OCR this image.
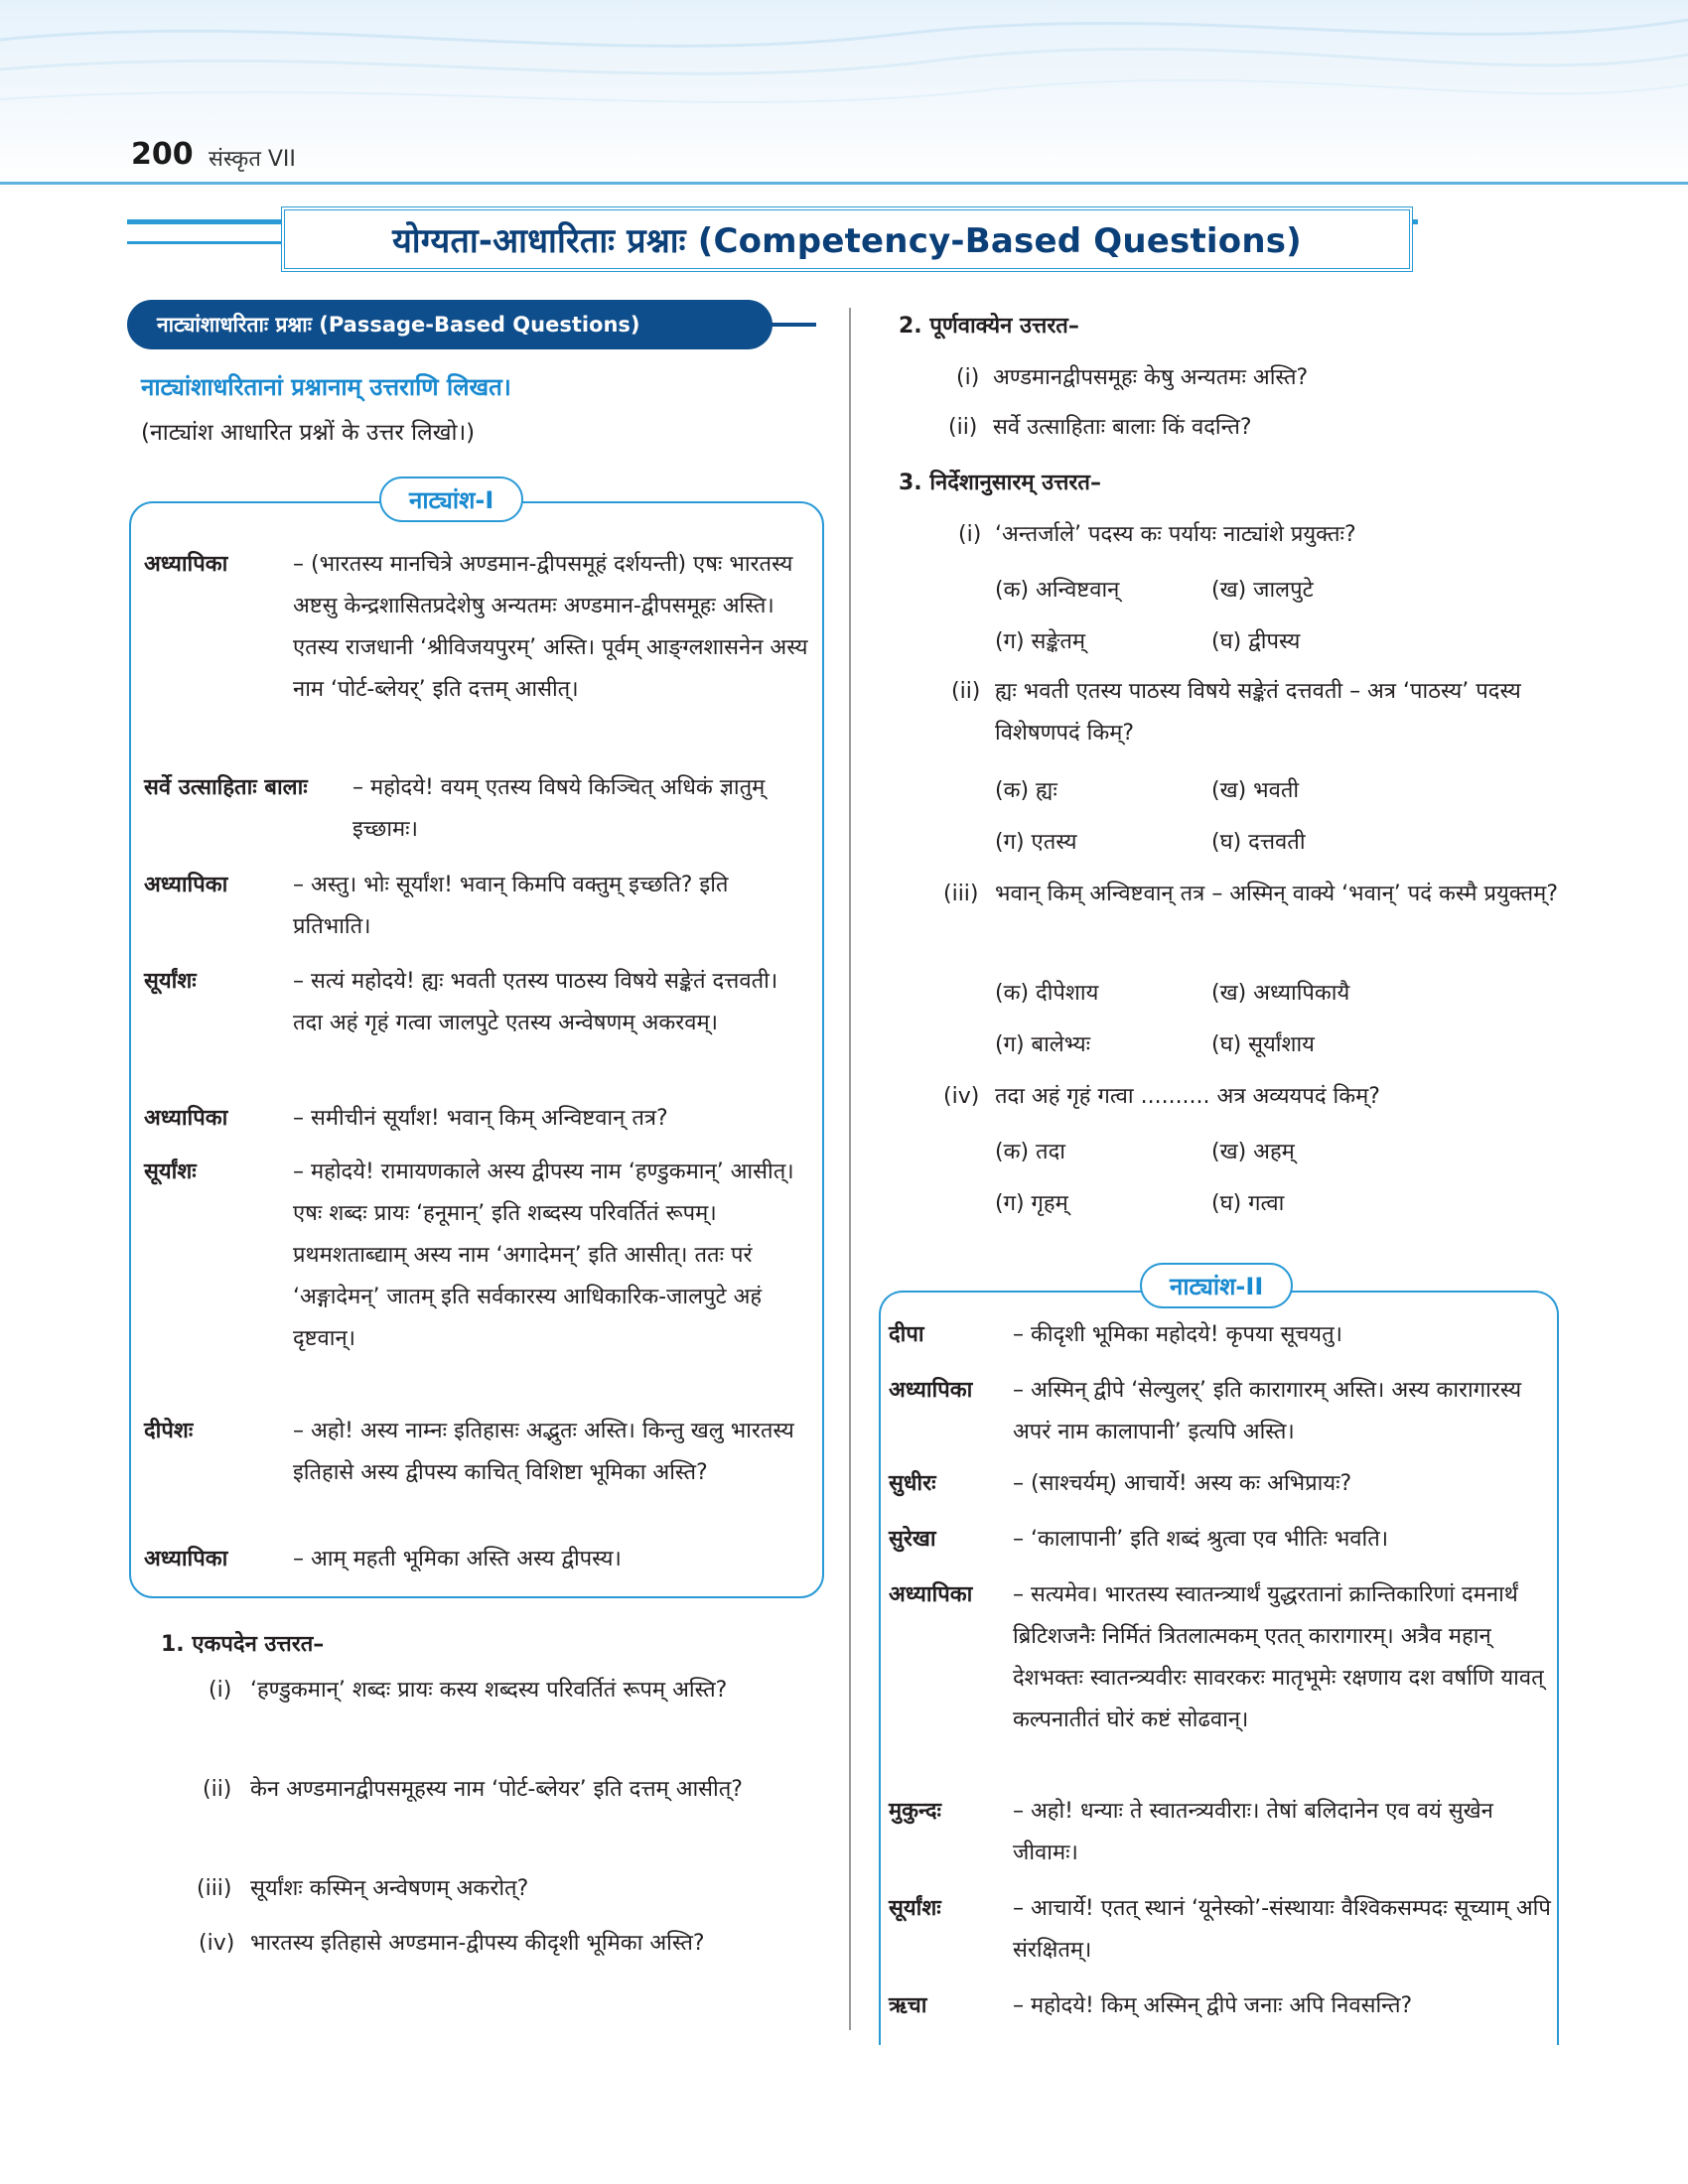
200 संस्कृत VII
योग्यता-आधारिताः प्रश्नाः (Competency-Based Questions)
नाट्यांशाधरिताः प्रश्नाः (Passage-Based Questions)
नाट्यांशाधरितानां प्रश्नानाम् उत्तराणि लिखत।
(नाट्यांश आधारित प्रश्नों के उत्तर लिखो।)
नाट्यांश-I
अध्यापिका	– (भारतस्य मानचित्रे अण्डमान-द्वीपसमूहं दर्शयन्ती) एषः भारतस्य अष्टसु केन्द्रशासितप्रदेशेषु अन्यतमः अण्डमान-द्वीपसमूहः अस्ति। एतस्य राजधानी ‘श्रीविजयपुरम्’ अस्ति। पूर्वम् आङ्ग्लशासनेन अस्य नाम ‘पोर्ट-ब्लेयर्’ इति दत्तम् आसीत्।
सर्वे उत्साहिताः बालाः – महोदये! वयम् एतस्य विषये किञ्चित् अधिकं ज्ञातुम् इच्छामः।
अध्यापिका	– अस्तु। भोः सूर्यांश! भवान् किमपि वक्तुम् इच्छति? इति प्रतिभाति।
सूर्यांशः	– सत्यं महोदये! ह्यः भवती एतस्य पाठस्य विषये सङ्केतं दत्तवती। तदा अहं गृहं गत्वा जालपुटे एतस्य अन्वेषणम् अकरवम्।
अध्यापिका	– समीचीनं सूर्यांश! भवान् किम् अन्विष्टवान् तत्र?
सूर्यांशः	– महोदये! रामायणकाले अस्य द्वीपस्य नाम ‘हण्डुकमान्’ आसीत्। एषः शब्दः प्रायः ‘हनूमान्’ इति शब्दस्य परिवर्तितं रूपम्। प्रथमशताब्द्याम् अस्य नाम ‘अगादेमन्’ इति आसीत्। ततः परं ‘अङ्गादेमन्’ जातम् इति सर्वकारस्य आधिकारिक-जालपुटे अहं दृष्टवान्।
दीपेशः	– अहो! अस्य नाम्नः इतिहासः अद्भुतः अस्ति। किन्तु खलु भारतस्य इतिहासे अस्य द्वीपस्य काचित् विशिष्टा भूमिका अस्ति?
अध्यापिका	– आम् महती भूमिका अस्ति अस्य द्वीपस्य।
1. एकपदेन उत्तरत–
(i) ‘हण्डुकमान्’ शब्दः प्रायः कस्य शब्दस्य परिवर्तितं रूपम् अस्ति?
(ii) केन अण्डमानद्वीपसमूहस्य नाम ‘पोर्ट-ब्लेयर’ इति दत्तम् आसीत्?
(iii) सूर्यांशः कस्मिन् अन्वेषणम् अकरोत्?
(iv) भारतस्य इतिहासे अण्डमान-द्वीपस्य कीदृशी भूमिका अस्ति?
2. पूर्णवाक्येन उत्तरत–
(i) अण्डमानद्वीपसमूहः केषु अन्यतमः अस्ति?
(ii) सर्वे उत्साहिताः बालाः किं वदन्ति?
3. निर्देशानुसारम् उत्तरत–
(i) ‘अन्तर्जाले’ पदस्य कः पर्यायः नाट्यांशे प्रयुक्तः?
(क) अन्विष्टवान्	(ख) जालपुटे
(ग) सङ्केतम्	(घ) द्वीपस्य
(ii) ह्यः भवती एतस्य पाठस्य विषये सङ्केतं दत्तवती – अत्र ‘पाठस्य’ पदस्य विशेषणपदं किम्?
(क) ह्यः	(ख) भवती
(ग) एतस्य	(घ) दत्तवती
(iii) भवान् किम् अन्विष्टवान् तत्र – अस्मिन् वाक्ये ‘भवान्’ पदं कस्मै प्रयुक्तम्?
(क) दीपेशाय	(ख) अध्यापिकायै
(ग) बालेभ्यः	(घ) सूर्यांशाय
(iv) तदा अहं गृहं गत्वा .......... अत्र अव्ययपदं किम्?
(क) तदा	(ख) अहम्
(ग) गृहम्	(घ) गत्वा
नाट्यांश-II
दीपा	– कीदृशी भूमिका महोदये! कृपया सूचयतु।
अध्यापिका – अस्मिन् द्वीपे ‘सेल्युलर्’ इति कारागारम् अस्ति। अस्य कारागारस्य अपरं नाम कालापानी’ इत्यपि अस्ति।
सुधीरः	– (साश्चर्यम्) आचार्ये! अस्य कः अभिप्रायः?
सुरेखा	– ‘कालापानी’ इति शब्दं श्रुत्वा एव भीतिः भवति।
अध्यापिका – सत्यमेव। भारतस्य स्वातन्त्र्यार्थं युद्धरतानां क्रान्तिकारिणां दमनार्थं ब्रिटिशजनैः निर्मितं त्रितलात्मकम् एतत् कारागारम्। अत्रैव महान् देशभक्तः स्वातन्त्र्यवीरः सावरकरः मातृभूमेः रक्षणाय दश वर्षाणि यावत् कल्पनातीतं घोरं कष्टं सोढवान्।
मुकुन्दः	– अहो! धन्याः ते स्वातन्त्र्यवीराः। तेषां बलिदानेन एव वयं सुखेन जीवामः।
सूर्यांशः	– आचार्ये! एतत् स्थानं ‘यूनेस्को’-संस्थायाः वैश्विकसम्पदः सूच्याम् अपि संरक्षितम्।
ऋचा	– महोदये! किम् अस्मिन् द्वीपे जनाः अपि निवसन्ति?
